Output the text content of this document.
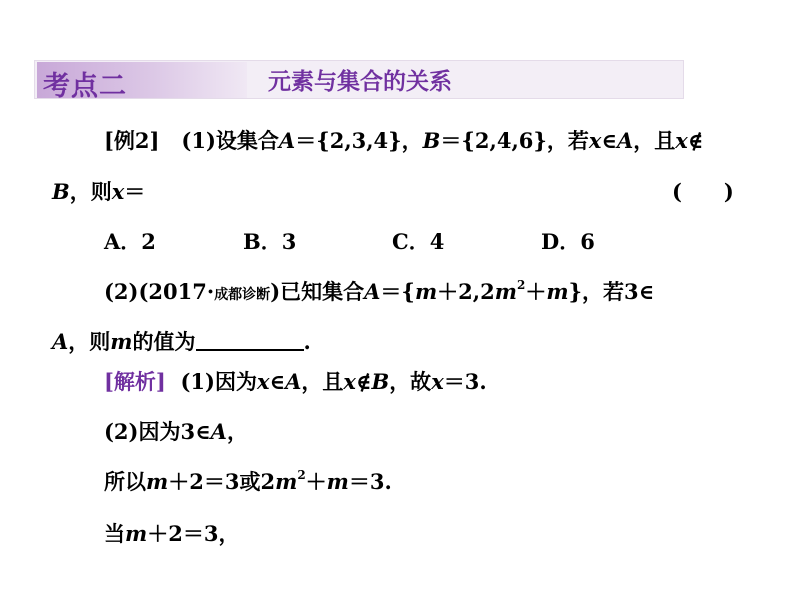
考点二	元素与集合的关系
[例2] (1)设集合A＝{2,3,4}，B＝{2,4,6}，若x∈A，且x∉
B，则x＝	(　　)
A．2	B．3	C．4	D．6
(2)(2017·成都诊断)已知集合$A=\{m+2,2m^2+m\}$，若3∈
A，则m的值为	.
[解析] (1)因为x∈A，且x∉B，故x＝3.
(2)因为3∈A，
所以m＋2＝3或$2m^2+m=3$.
当m＋2＝3，
